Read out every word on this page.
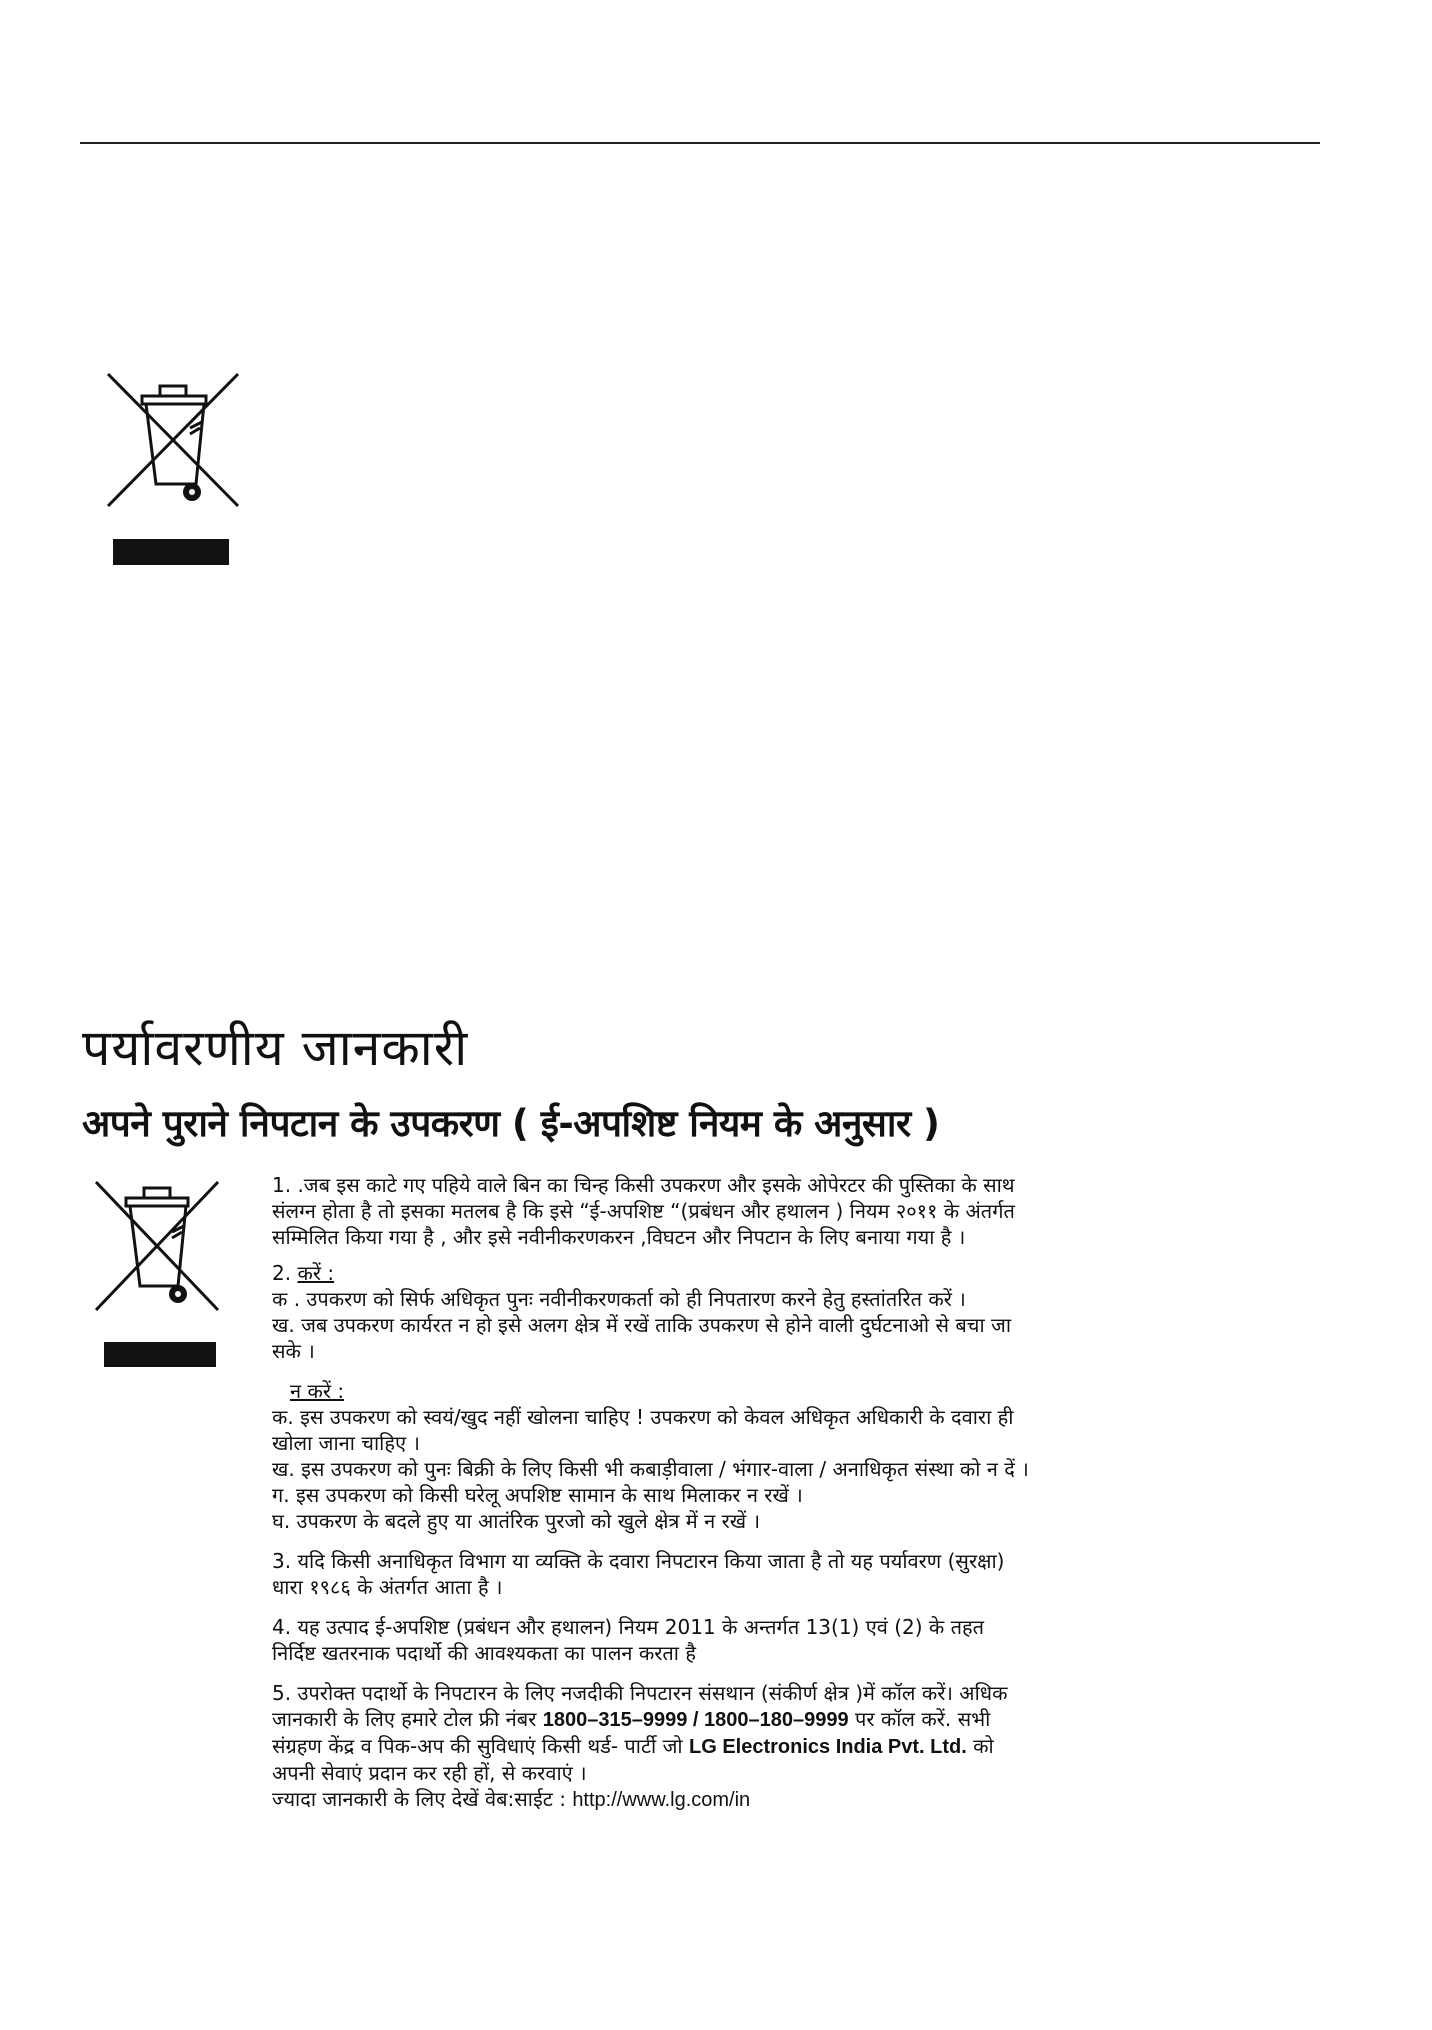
पर्यावरणीय जानकारी
अपने पुराने निपटान के उपकरण ( ई-अपशिष्ट नियम के अनुसार )

1. .जब इस काटे गए पहिये वाले बिन का चिन्ह किसी उपकरण और इसके ओपेरटर की पुस्तिका के साथ संलग्न होता है तो इसका मतलब है कि इसे “ई-अपशिष्ट “(प्रबंधन और हथालन ) नियम २०११ के अंतर्गत सम्मिलित किया गया है , और इसे नवीनीकरणकरन ,विघटन और निपटान के लिए बनाया गया है ।

2. करें :

क . उपकरण को सिर्फ अधिकृत पुनः नवीनीकरणकर्ता को ही निपतारण करने हेतु हस्तांतरित करें ।

ख. जब उपकरण कार्यरत न हो इसे अलग क्षेत्र में रखें ताकि उपकरण से होने वाली दुर्घटनाओ से बचा जा सके ।

न करें :

क. इस उपकरण को स्वयं/खुद नहीं खोलना चाहिए ! उपकरण को केवल अधिकृत अधिकारी के दवारा ही खोला जाना चाहिए ।

ख. इस उपकरण को पुनः बिक्री के लिए किसी भी कबाड़ीवाला / भंगार-वाला / अनाधिकृत संस्था को न दें ।

ग. इस उपकरण को किसी घरेलू अपशिष्ट सामान के साथ मिलाकर न रखें ।

घ. उपकरण के बदले हुए या आतंरिक पुरजो को खुले क्षेत्र में न रखें ।

3. यदि किसी अनाधिकृत विभाग या व्यक्ति के दवारा निपटारन किया जाता है तो यह पर्यावरण (सुरक्षा) धारा १९८६ के अंतर्गत आता है ।

4. यह उत्पाद ई-अपशिष्ट (प्रबंधन और हथालन) नियम 2011 के अन्तर्गत 13(1) एवं (2) के तहत निर्दिष्ट खतरनाक पदार्थो की आवश्यकता का पालन करता है

5. उपरोक्त पदार्थो के निपटारन के लिए नजदीकी निपटारन संसथान (संकीर्ण क्षेत्र )में कॉल करें। अधिक जानकारी के लिए हमारे टोल फ्री नंबर 1800–315–9999 / 1800–180–9999 पर कॉल करें. सभी संग्रहण केंद्र व पिक-अप की सुविधाएं किसी थर्ड- पार्टी जो LG Electronics India Pvt. Ltd. को अपनी सेवाएं प्रदान कर रही हों, से करवाएं ।

ज्यादा जानकारी के लिए देखें वेब:साईट : http://www.lg.com/in
